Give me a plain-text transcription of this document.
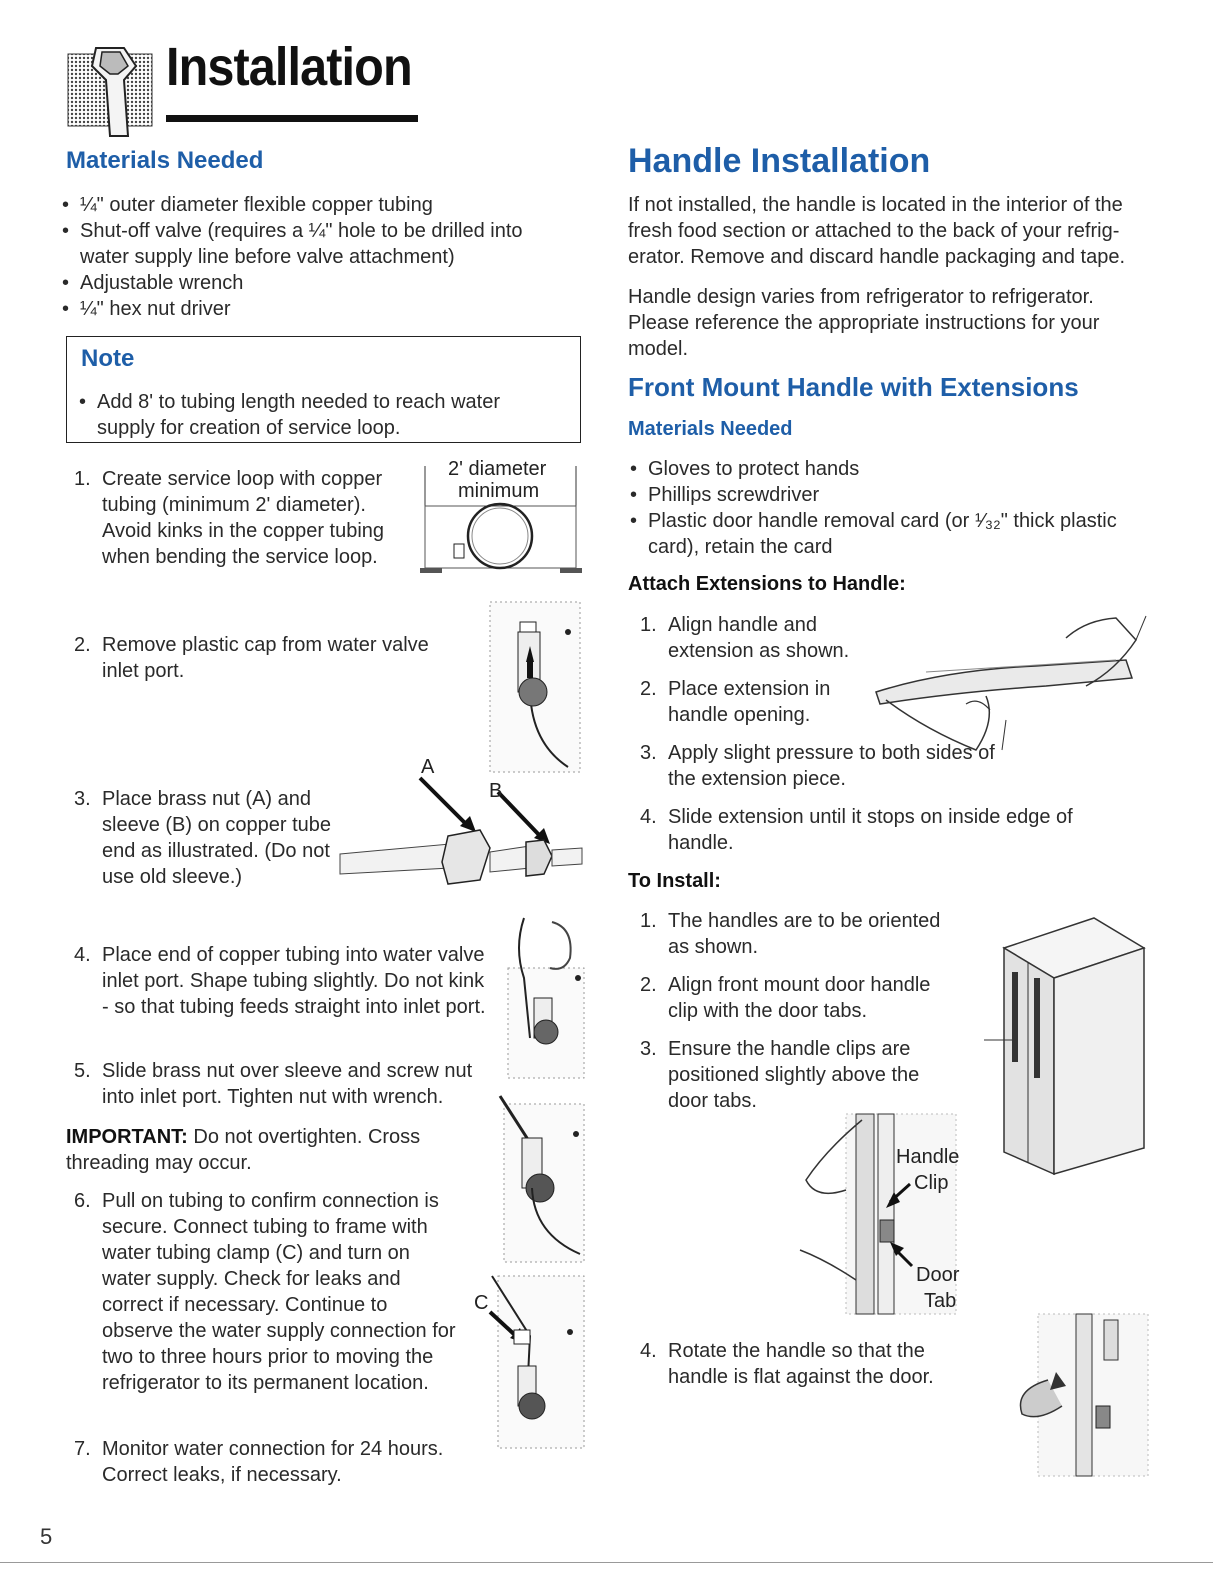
Installation
Materials Needed
• ¼" outer diameter flexible copper tubing
• Shut-off valve (requires a ¼" hole to be drilled into water supply line before valve attachment)
• Adjustable wrench
• ¼" hex nut driver
Note
• Add 8' to tubing length needed to reach water supply for creation of service loop.
1. Create service loop with copper tubing (minimum 2' diameter). Avoid kinks in the copper tubing when bending the service loop.
2' diameter
minimum
2. Remove plastic cap from water valve inlet port.
3. Place brass nut (A) and sleeve (B) on copper tube end as illustrated. (Do not use old sleeve.)
A
B
4. Place end of copper tubing into water valve inlet port. Shape tubing slightly. Do not kink - so that tubing feeds straight into inlet port.
5. Slide brass nut over sleeve and screw nut into inlet port. Tighten nut with wrench.
IMPORTANT: Do not overtighten. Cross threading may occur.
6. Pull on tubing to confirm connection is secure. Connect tubing to frame with water tubing clamp (C) and turn on water supply. Check for leaks and correct if necessary. Continue to observe the water supply connection for two to three hours prior to moving the refrigerator to its permanent location.
C
7. Monitor water connection for 24 hours. Correct leaks, if necessary.
Handle Installation
If not installed, the handle is located in the interior of the fresh food section or attached to the back of your refrig-erator. Remove and discard handle packaging and tape.
Handle design varies from refrigerator to refrigerator. Please reference the appropriate instructions for your model.
Front Mount Handle with Extensions
Materials Needed
• Gloves to protect hands
• Phillips screwdriver
• Plastic door handle removal card (or ¹⁄₃₂" thick plastic card), retain the card
Attach Extensions to Handle:
1. Align handle and extension as shown.
2. Place extension in handle opening.
3. Apply slight pressure to both sides of the extension piece.
4. Slide extension until it stops on inside edge of handle.
To Install:
1. The handles are to be oriented as shown.
2. Align front mount door handle clip with the door tabs.
3. Ensure the handle clips are positioned slightly above the door tabs.
Handle
Clip
Door
Tab
4. Rotate the handle so that the handle is flat against the door.
5
